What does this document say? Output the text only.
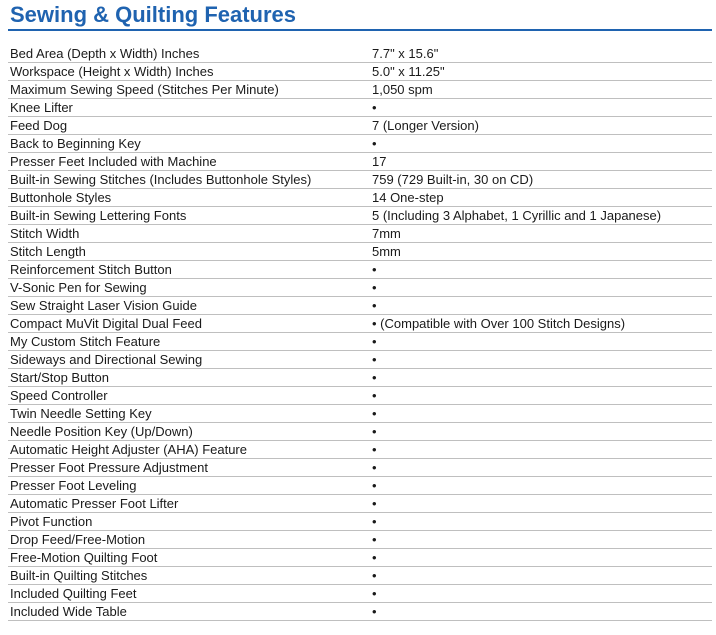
Sewing & Quilting Features
Bed Area (Depth x Width) Inches	7.7" x 15.6"
Workspace (Height x Width) Inches	5.0" x 11.25"
Maximum Sewing Speed (Stitches Per Minute)	1,050 spm
Knee Lifter	•
Feed Dog	7 (Longer Version)
Back to Beginning Key	•
Presser Feet Included with Machine	17
Built-in Sewing Stitches (Includes Buttonhole Styles)	759 (729 Built-in, 30 on CD)
Buttonhole Styles	14 One-step
Built-in Sewing Lettering Fonts	5 (Including 3 Alphabet, 1 Cyrillic and 1 Japanese)
Stitch Width	7mm
Stitch Length	5mm
Reinforcement Stitch Button	•
V-Sonic Pen for Sewing	•
Sew Straight Laser Vision Guide	•
Compact MuVit Digital Dual Feed	• (Compatible with Over 100 Stitch Designs)
My Custom Stitch Feature	•
Sideways and Directional Sewing	•
Start/Stop Button	•
Speed Controller	•
Twin Needle Setting Key	•
Needle Position Key (Up/Down)	•
Automatic Height Adjuster (AHA) Feature	•
Presser Foot Pressure Adjustment	•
Presser Foot Leveling	•
Automatic Presser Foot Lifter	•
Pivot Function	•
Drop Feed/Free-Motion	•
Free-Motion Quilting Foot	•
Built-in Quilting Stitches	•
Included Quilting Feet	•
Included Wide Table	•
